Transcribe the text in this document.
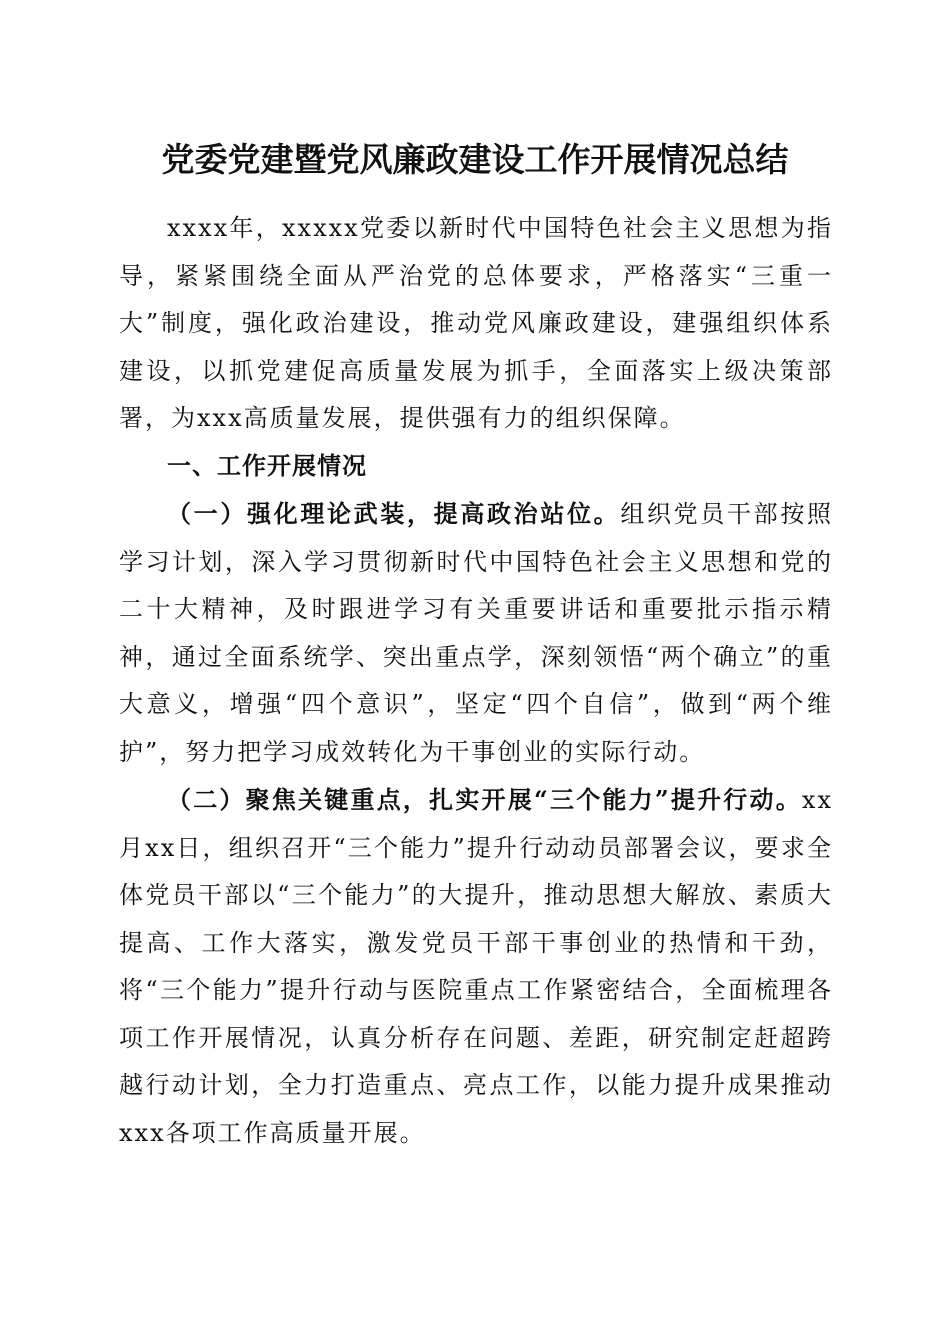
党委党建暨党风廉政建设工作开展情况总结

xxxx年，xxxxx党委以新时代中国特色社会主义思想为指导，紧紧围绕全面从严治党的总体要求，严格落实“三重一大”制度，强化政治建设，推动党风廉政建设，建强组织体系建设，以抓党建促高质量发展为抓手，全面落实上级决策部署，为xxx高质量发展，提供强有力的组织保障。

一、工作开展情况

（一）强化理论武装，提高政治站位。组织党员干部按照学习计划，深入学习贯彻新时代中国特色社会主义思想和党的二十大精神，及时跟进学习有关重要讲话和重要批示指示精神，通过全面系统学、突出重点学，深刻领悟“两个确立”的重大意义，增强“四个意识”，坚定“四个自信”，做到“两个维护”，努力把学习成效转化为干事创业的实际行动。

（二）聚焦关键重点，扎实开展“三个能力”提升行动。xx月xx日，组织召开“三个能力”提升行动动员部署会议，要求全体党员干部以“三个能力”的大提升，推动思想大解放、素质大提高、工作大落实，激发党员干部干事创业的热情和干劲，将“三个能力”提升行动与医院重点工作紧密结合，全面梳理各项工作开展情况，认真分析存在问题、差距，研究制定赶超跨越行动计划，全力打造重点、亮点工作，以能力提升成果推动xxx各项工作高质量开展。
